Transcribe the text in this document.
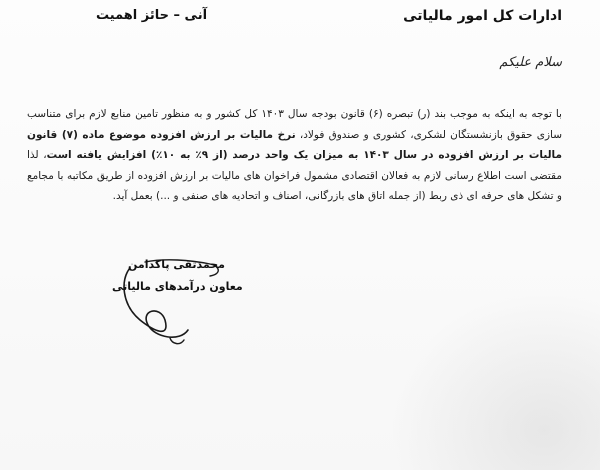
ادارات کل امور مالیاتی
آنی – حائز اهمیت
سلام علیکم
با توجه به اینکه به موجب بند (ر) تبصره (۶) قانون بودجه سال ۱۴۰۳ کل کشور و به منظور تامین منابع لازم برای متناسب سازی حقوق بازنشستگان لشکری، کشوری و صندوق فولاد، نرخ مالیات بر ارزش افزوده موضوع ماده (۷) قانون مالیات بر ارزش افزوده در سال ۱۴۰۳ به میزان یک واحد درصد (از ۹٪ به ۱۰٪) افزایش یافته است، لذا مقتضی است اطلاع رسانی لازم به فعالان اقتصادی مشمول فراخوان های مالیات بر ارزش افزوده از طریق مکاتبه با مجامع و تشکل های حرفه ای ذی ربط (از جمله اتاق های بازرگانی، اصناف و اتحادیه های صنفی و ...) بعمل آید.
محمدتقی پاکدامن
معاون درآمدهای مالیاتی
